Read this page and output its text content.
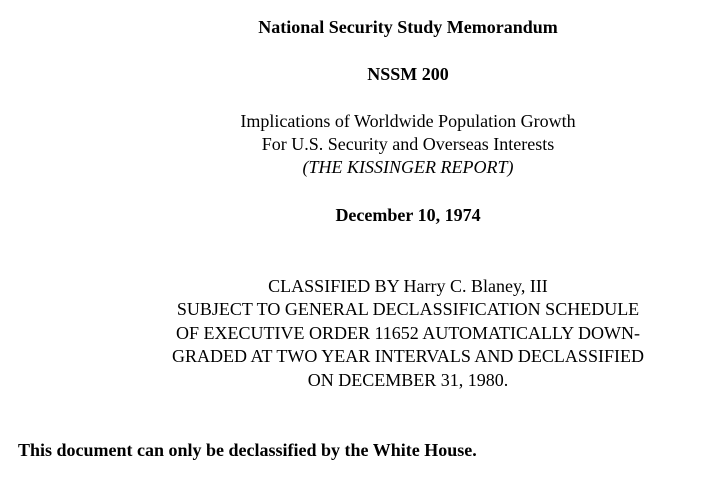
National Security Study Memorandum
NSSM 200
Implications of Worldwide Population Growth
For U.S. Security and Overseas Interests
(THE KISSINGER REPORT)
December 10, 1974
CLASSIFIED BY Harry C. Blaney, III
SUBJECT TO GENERAL DECLASSIFICATION SCHEDULE
OF EXECUTIVE ORDER 11652 AUTOMATICALLY DOWN-
GRADED AT TWO YEAR INTERVALS AND DECLASSIFIED
ON DECEMBER 31, 1980.
This document can only be declassified by the White House.
